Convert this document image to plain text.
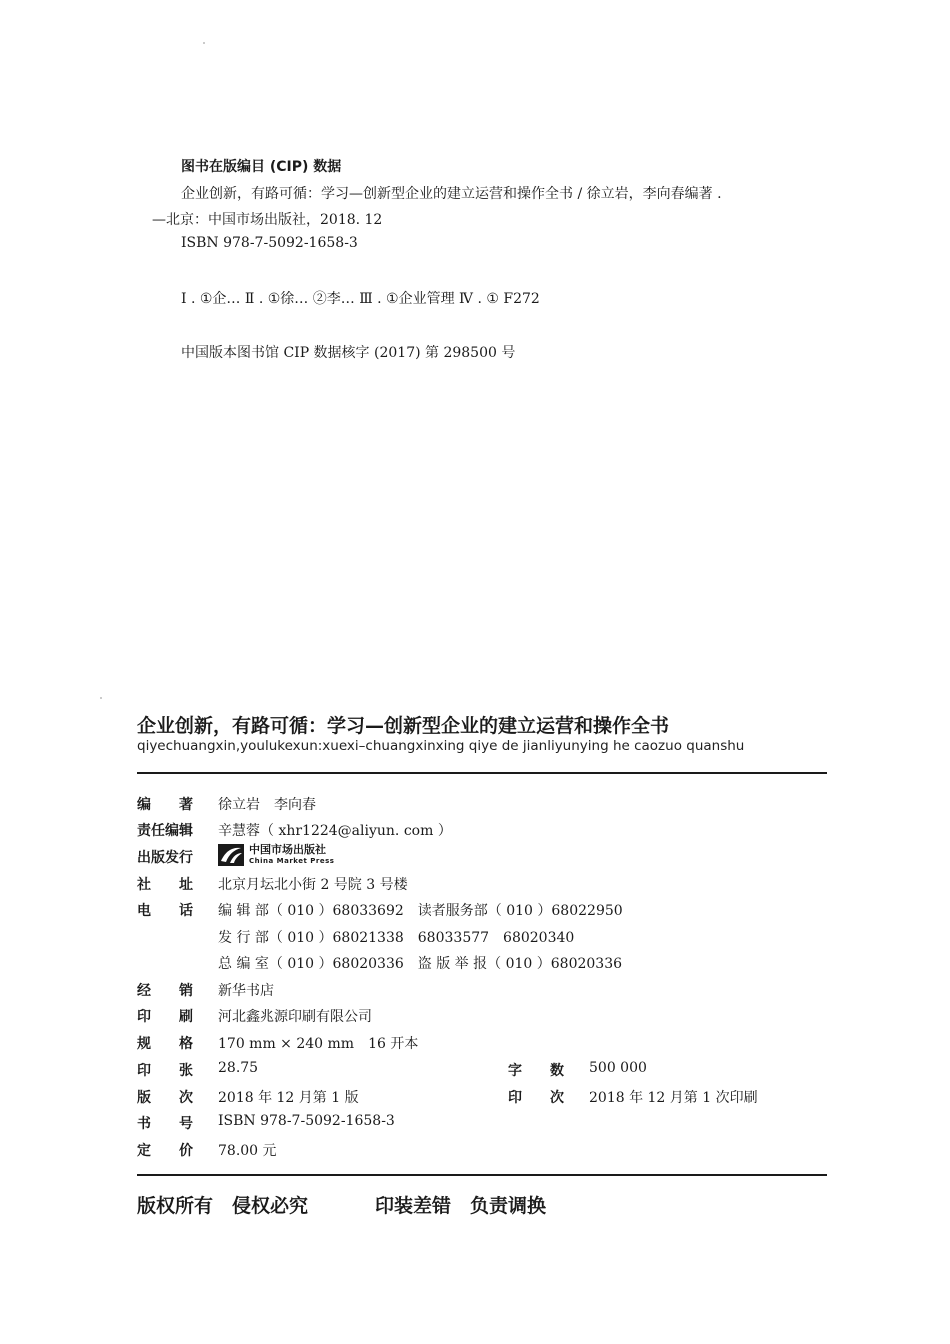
图书在版编目 (CIP) 数据
企业创新，有路可循：学习—创新型企业的建立运营和操作全书 / 徐立岩，李向春编著 .
—北京：中国市场出版社，2018. 12
ISBN 978-7-5092-1658-3
Ⅰ . ①企… Ⅱ . ①徐… ②李… Ⅲ . ①企业管理 Ⅳ . ① F272
中国版本图书馆 CIP 数据核字 (2017) 第 298500 号
企业创新，有路可循：学习—创新型企业的建立运营和操作全书
qiyechuangxin,youlukexun:xuexi–chuangxinxing qiye de jianliyunying he caozuo quanshu
编　　著 徐立岩　李向春
责任编辑 辛慧蓉（ xhr1224@aliyun. com ）
出版发行
中国市场出版社
China Market Press
社　　址 北京月坛北小街 2 号院 3 号楼
电　　话 编 辑 部（ 010 ）68033692　读者服务部（ 010 ）68022950
发 行 部（ 010 ）68021338　68033577　68020340
总 编 室（ 010 ）68020336　盗 版 举 报（ 010 ）68020336
经　　销 新华书店
印　　刷 河北鑫兆源印刷有限公司
规　　格 170 mm × 240 mm　16 开本
印　　张 28.75	字　　数 500 000
版　　次 2018 年 12 月第 1 版	印　　次 2018 年 12 月第 1 次印刷
书　　号 ISBN 978-7-5092-1658-3
定　　价 78.00 元
版权所有　侵权必究	印装差错　负责调换
